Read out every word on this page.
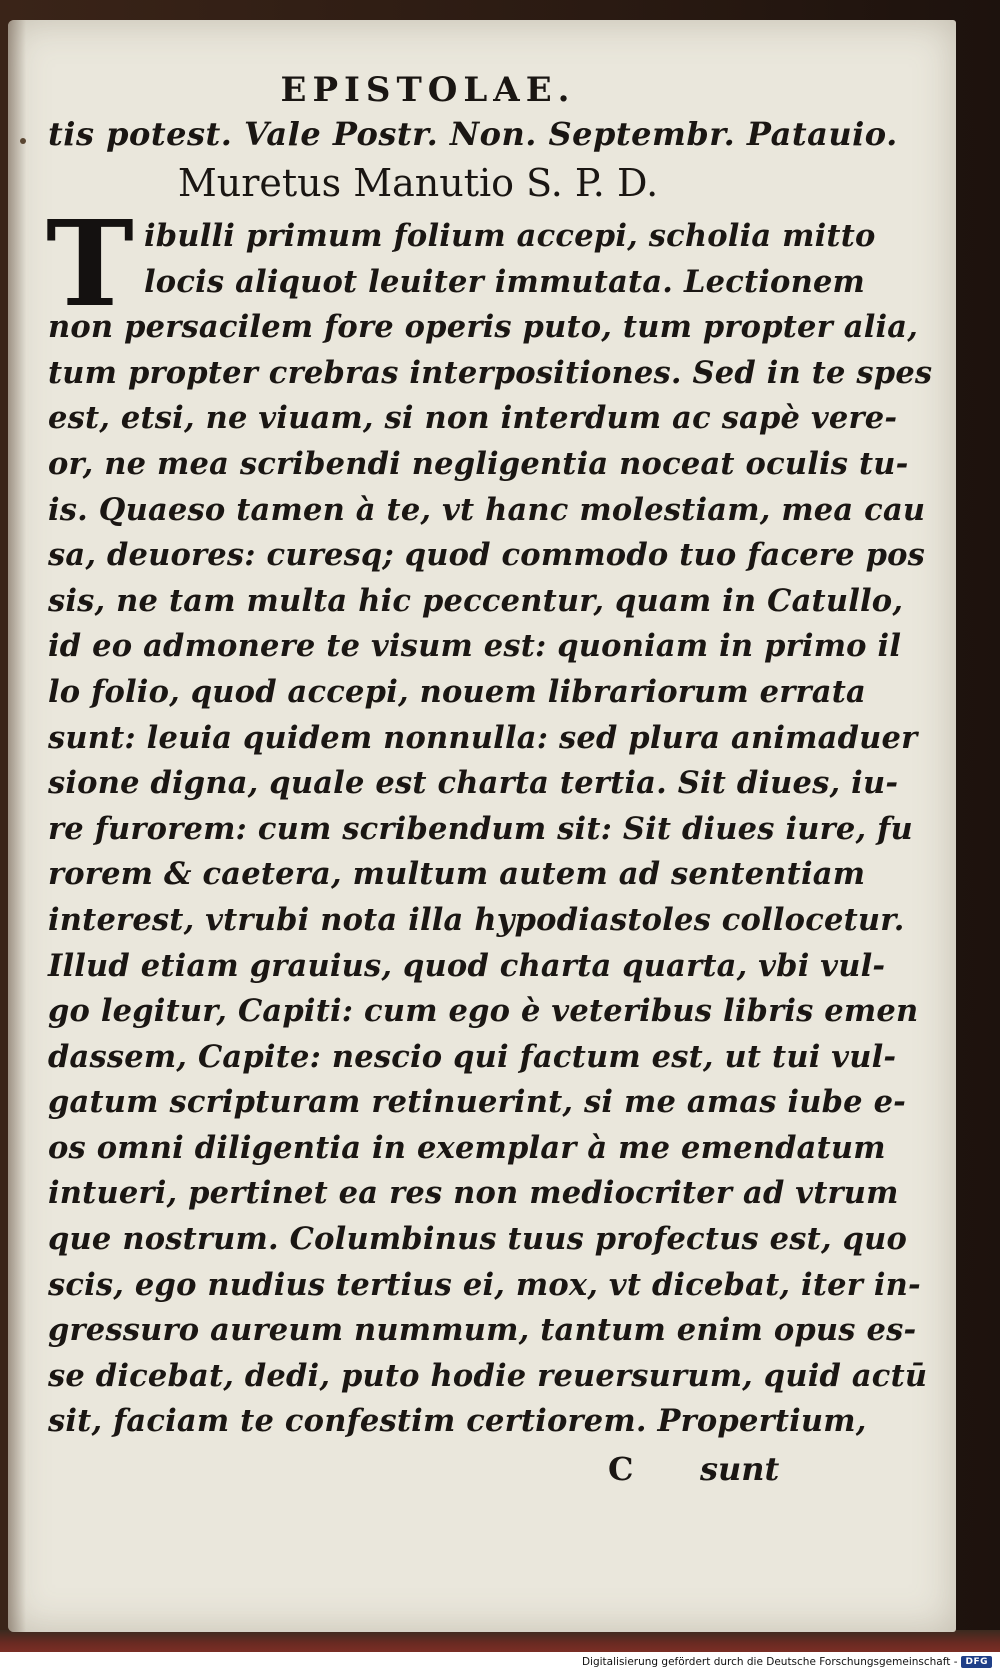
EPISTOLAE.
tis potest. Vale Postr. Non. Septembr. Patauio.
Muretus Manutio S. P. D.
T ibulli primum folium accepi, scholia mitto
locis aliquot leuiter immutata. Lectionem
non persacilem fore operis puto, tum propter alia,
tum propter crebras interpositiones. Sed in te spes
est, etsi, ne viuam, si non interdum ac sapè vere-
or, ne mea scribendi negligentia noceat oculis tu-
is. Quaeso tamen à te, vt hanc molestiam, mea cau
sa, deuores: curesq; quod commodo tuo facere pos
sis, ne tam multa hic peccentur, quam in Catullo,
id eo admonere te visum est: quoniam in primo il
lo folio, quod accepi, nouem librariorum errata
sunt: leuia quidem nonnulla: sed plura animaduer
sione digna, quale est charta tertia. Sit diues, iu-
re furorem: cum scribendum sit: Sit diues iure, fu
rorem & caetera, multum autem ad sententiam
interest, vtrubi nota illa hypodiastoles collocetur.
Illud etiam grauius, quod charta quarta, vbi vul-
go legitur, Capiti: cum ego è veteribus libris emen
dassem, Capite: nescio qui factum est, ut tui vul-
gatum scripturam retinuerint, si me amas iube e-
os omni diligentia in exemplar à me emendatum
intueri, pertinet ea res non mediocriter ad vtrum
que nostrum. Columbinus tuus profectus est, quo
scis, ego nudius tertius ei, mox, vt dicebat, iter in-
gressuro aureum nummum, tantum enim opus es-
se dicebat, dedi, puto hodie reuersurum, quid actū
sit, faciam te confestim certiorem. Propertium,
C sunt
Digitalisierung gefördert durch die Deutsche Forschungsgemeinschaft - DFG
